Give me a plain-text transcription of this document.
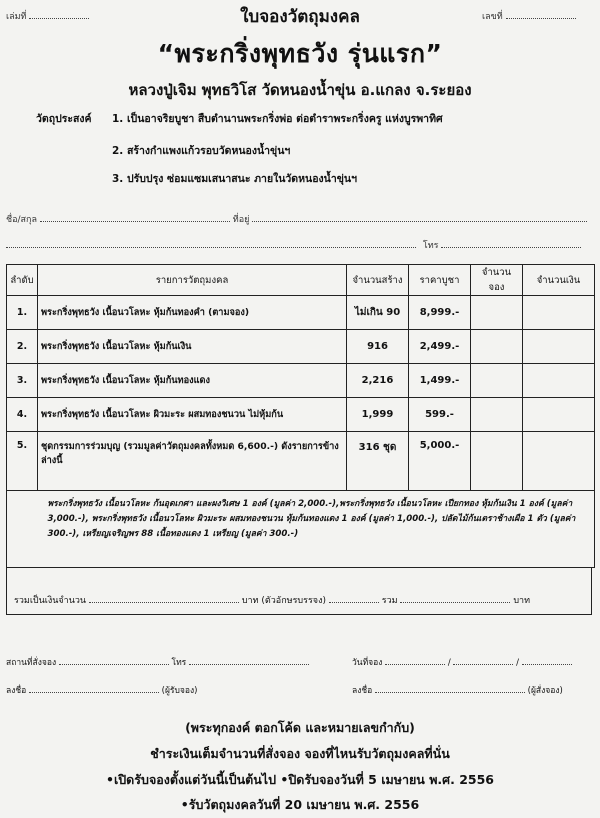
เล่มที่	ใบจองวัตถุมงคล	เลขที่
“พระกริ่งพุทธวัง รุ่นแรก”
หลวงปู่เจิม พุทธวิโส วัดหนองน้ำขุ่น อ.แกลง จ.ระยอง
วัตถุประสงค์ 1. เป็นอาจริยบูชา สืบตำนานพระกริ่งพ่อ ต่อตำราพระกริ่งครู แห่งบูรพาทิศ
2. สร้างกำแพงแก้วรอบวัดหนองน้ำขุ่นฯ
3. ปรับปรุง ซ่อมแซมเสนาสนะ ภายในวัดหนองน้ำขุ่นฯ
ชื่อ/สกุล	ที่อยู่
โทร
ลำดับ	รายการวัตถุมงคล	จำนวนสร้าง	ราคาบูชา	จำนวนจอง	จำนวนเงิน
1.	พระกริ่งพุทธวัง เนื้อนวโลหะ หุ้มก้นทองคำ (ตามจอง)	ไม่เกิน 90	8,999.-		
2.	พระกริ่งพุทธวัง เนื้อนวโลหะ หุ้มก้นเงิน	916	2,499.-		
3.	พระกริ่งพุทธวัง เนื้อนวโลหะ หุ้มก้นทองแดง	2,216	1,499.-		
4.	พระกริ่งพุทธวัง เนื้อนวโลหะ ผิวมะระ ผสมทองชนวน ไม่หุ้มก้น	1,999	599.-		
5.	ชุดกรรมการร่วมบุญ (รวมมูลค่าวัตถุมงคลทั้งหมด 6,600.-) ดังรายการข้างล่างนี้	316 ชุด	5,000.-		
	พระกริ่งพุทธวัง เนื้อนวโลหะ ก้นอุดเกศา และผงวิเศษ 1 องค์ (มูลค่า 2,000.-),พระกริ่งพุทธวัง เนื้อนวโลหะ เปียกทอง หุ้มก้นเงิน 1 องค์ (มูลค่า 3,000.-), พระกริ่งพุทธวัง เนื้อนวโลหะ ผิวมะระ ผสมทองชนวน หุ้มก้นทองแดง 1 องค์ (มูลค่า 1,000.-), ปลัดไม้ก้นเตราช้างเผือ 1 ตัว (มูลค่า 300.-), เหรียญเจริญพร 88 เนื้อทองแดง 1 เหรียญ (มูลค่า 300.-)				
รวมเป็นเงินจำนวน	บาท (ตัวอักษรบรรจง)	รวม	บาท
สถานที่สั่งจอง	โทร	วันที่จอง	/	/
ลงชื่อ	(ผู้รับจอง)	ลงชื่อ	(ผู้สั่งจอง)
(พระทุกองค์ ตอกโค้ด และหมายเลขกำกับ)
ชำระเงินเต็มจำนวนที่สั่งจอง จองที่ไหนรับวัตถุมงคลที่นั่น
•เปิดรับจองตั้งแต่วันนี้เป็นต้นไป •ปิดรับจองวันที่ 5 เมษายน พ.ศ. 2556
•รับวัตถุมงคลวันที่ 20 เมษายน พ.ศ. 2556
